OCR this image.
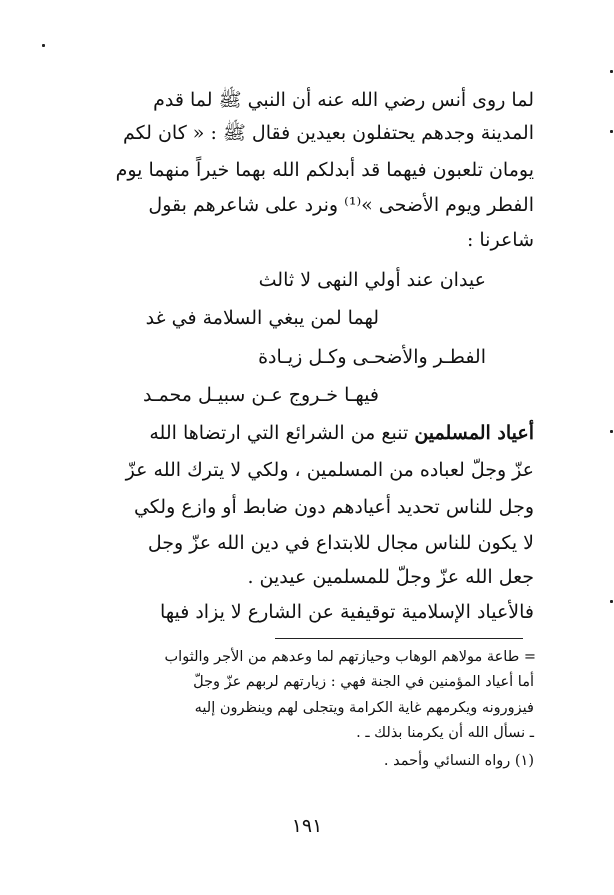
لما روى أنس رضي الله عنه أن النبي ﷺ لما قدم
المدينة وجدهم يحتفلون بعيدين فقال ﷺ : « كان لكم
يومان تلعبون فيهما قد أبدلكم الله بهما خيراً منهما يوم
الفطر ويوم الأضحى »⁽¹⁾ ونرد على شاعرهم بقول
شاعرنا :
عيدان عند أولي النهى لا ثالث
لهما لمن يبغي السلامة في غد
الفطـر والأضحـى وكـل زيـادة
فيهـا خـروج عـن سبيـل محمـد
أعياد المسلمين تنبع من الشرائع التي ارتضاها الله
عزّ وجلّ لعباده من المسلمين ، ولكي لا يترك الله عزّ
وجل للناس تحديد أعيادهم دون ضابط أو وازع ولكي
لا يكون للناس مجال للابتداع في دين الله عزّ وجل
جعل الله عزّ وجلّ للمسلمين عيدين .
فالأعياد الإسلامية توقيفية عن الشارع لا يزاد فيها
= طاعة مولاهم الوهاب وحيازتهم لما وعدهم من الأجر والثواب
أما أعياد المؤمنين في الجنة فهي : زيارتهم لربهم عزّ وجلّ
فيزورونه ويكرمهم غاية الكرامة ويتجلى لهم وينظرون إليه
ـ نسأل الله أن يكرمنا بذلك ـ .
(١) رواه النسائي وأحمد .
١٩١
